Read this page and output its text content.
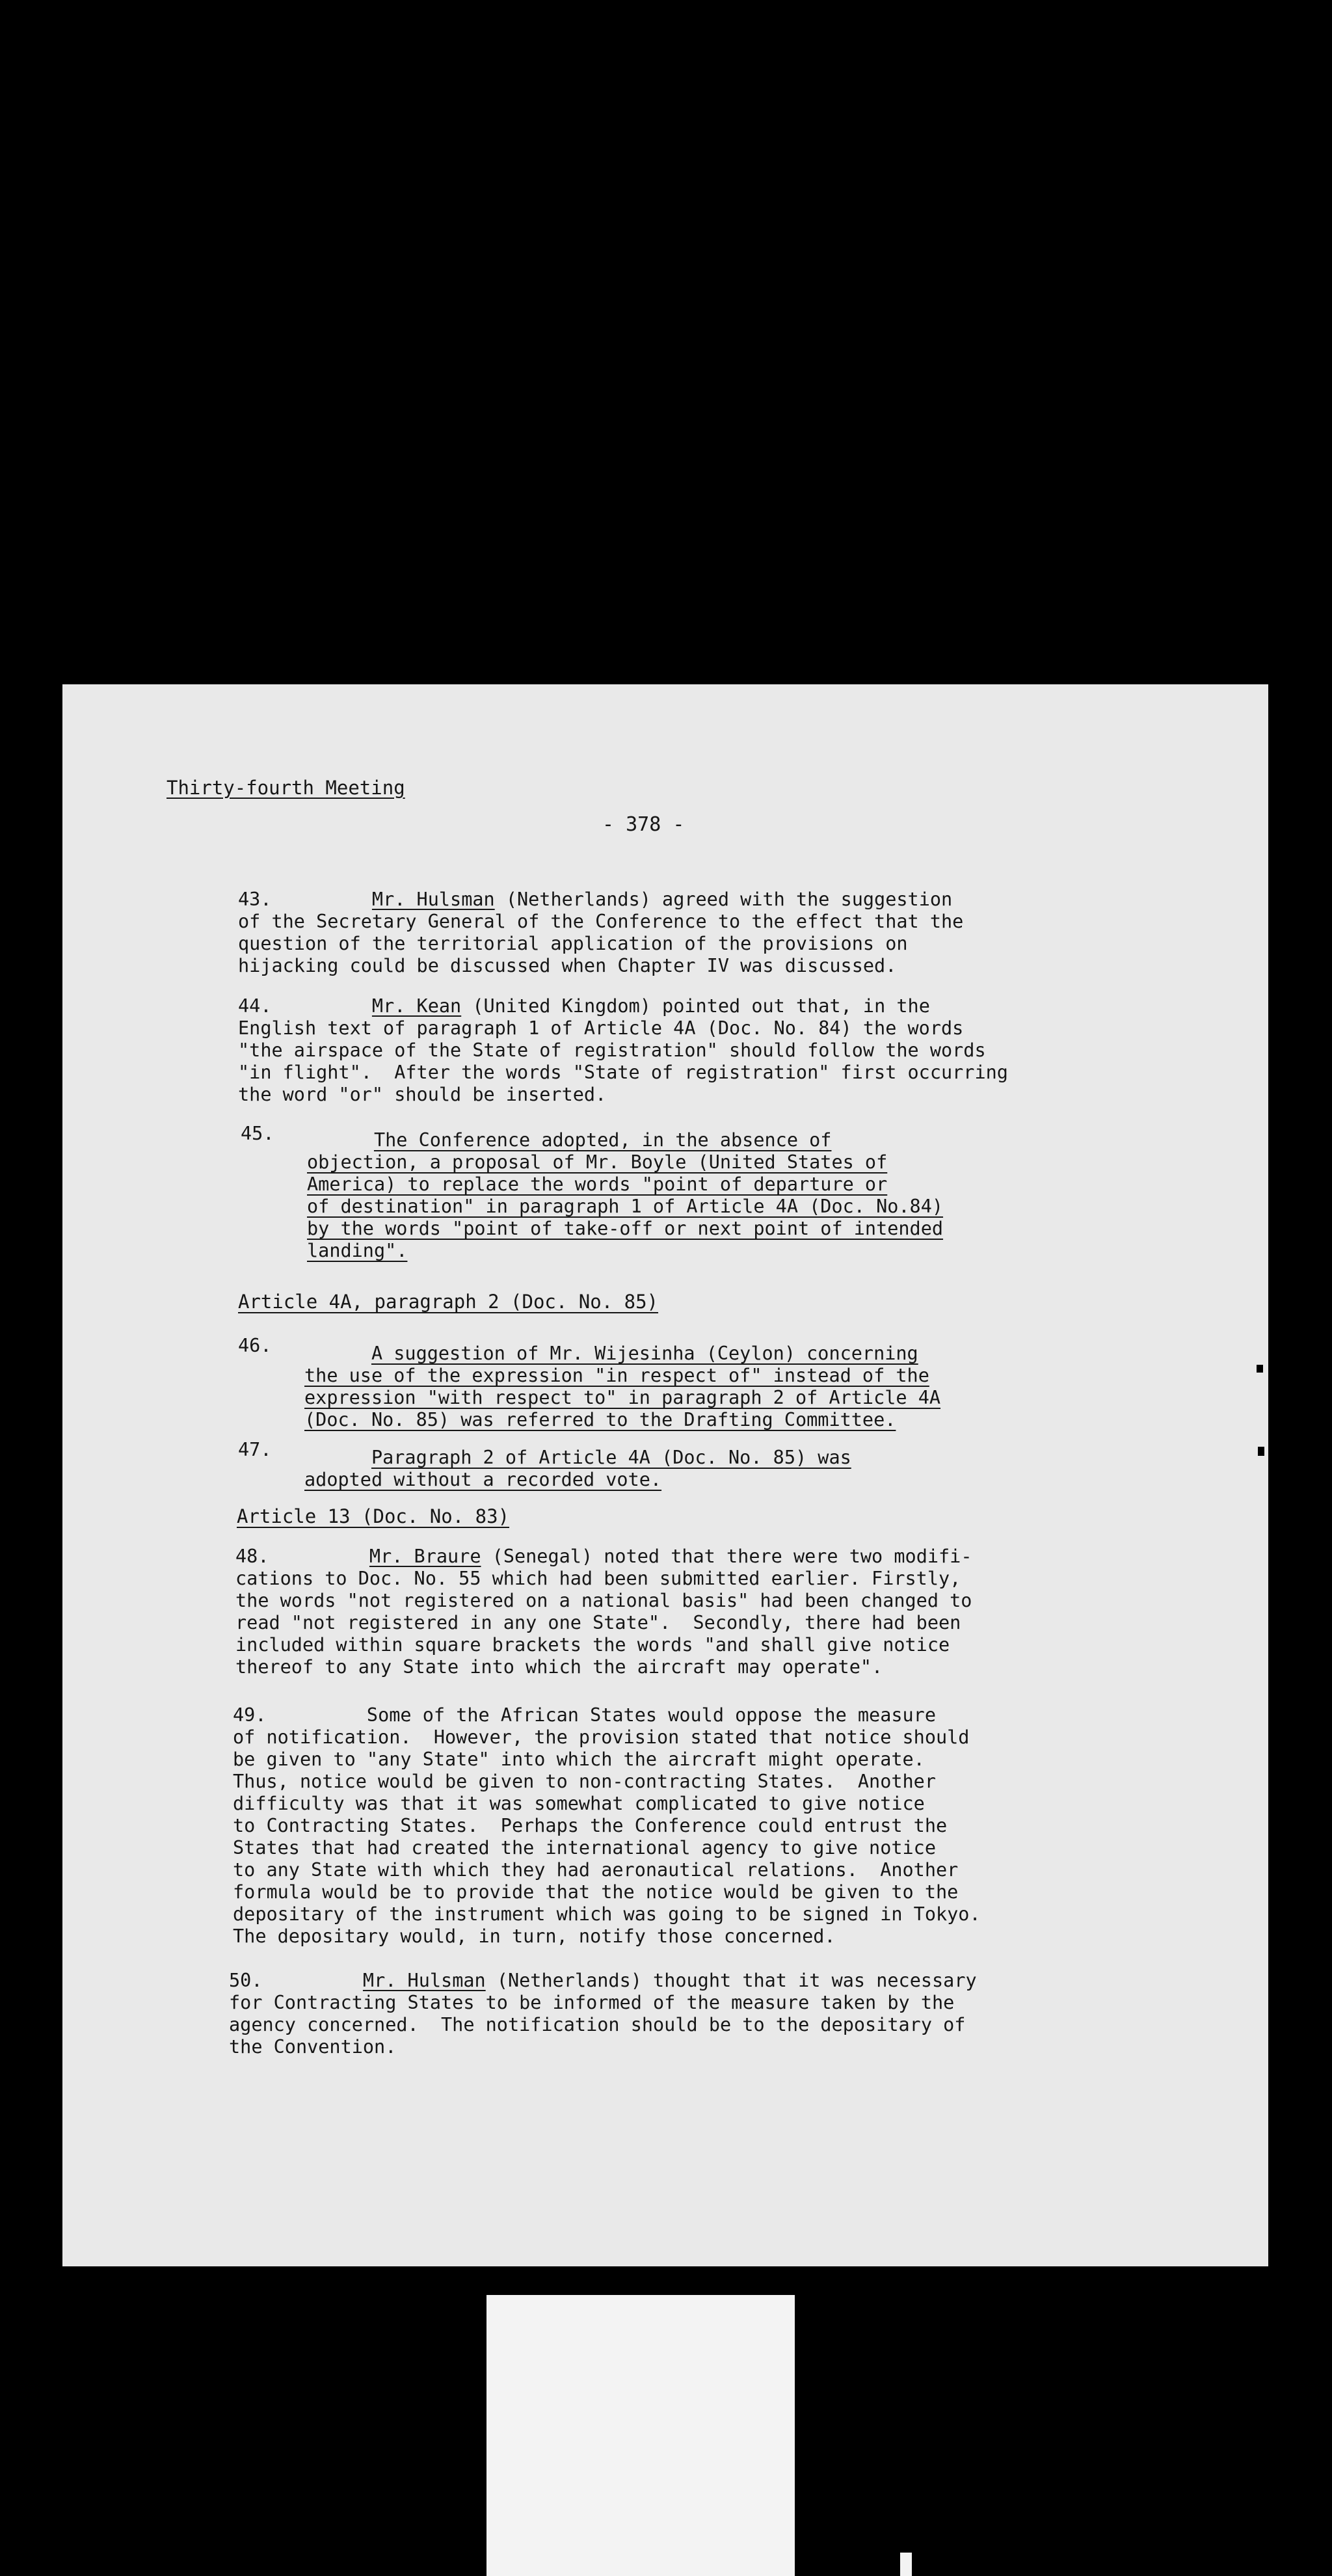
Thirty-fourth Meeting
- 378 -
43.	Mr. Hulsman (Netherlands) agreed with the suggestion
of the Secretary General of the Conference to the effect that the
question of the territorial application of the provisions on
hijacking could be discussed when Chapter IV was discussed.
44.	Mr. Kean (United Kingdom) pointed out that, in the
English text of paragraph 1 of Article 4A (Doc. No. 84) the words
"the airspace of the State of registration" should follow the words
"in flight".  After the words "State of registration" first occurring
the word "or" should be inserted.
45.	The Conference adopted, in the absence of
objection, a proposal of Mr. Boyle (United States of
America) to replace the words "point of departure or
of destination" in paragraph 1 of Article 4A (Doc. No.84)
by the words "point of take-off or next point of intended
landing".
Article 4A, paragraph 2 (Doc. No. 85)
46.	A suggestion of Mr. Wijesinha (Ceylon) concerning
the use of the expression "in respect of" instead of the
expression "with respect to" in paragraph 2 of Article 4A
(Doc. No. 85) was referred to the Drafting Committee.
47.	Paragraph 2 of Article 4A (Doc. No. 85) was
adopted without a recorded vote.
Article 13 (Doc. No. 83)
48.	Mr. Braure (Senegal) noted that there were two modifi-
cations to Doc. No. 55 which had been submitted earlier. Firstly,
the words "not registered on a national basis" had been changed to
read "not registered in any one State".  Secondly, there had been
included within square brackets the words "and shall give notice
thereof to any State into which the aircraft may operate".
49.	Some of the African States would oppose the measure
of notification.  However, the provision stated that notice should
be given to "any State" into which the aircraft might operate.
Thus, notice would be given to non-contracting States.  Another
difficulty was that it was somewhat complicated to give notice
to Contracting States.  Perhaps the Conference could entrust the
States that had created the international agency to give notice
to any State with which they had aeronautical relations.  Another
formula would be to provide that the notice would be given to the
depositary of the instrument which was going to be signed in Tokyo.
The depositary would, in turn, notify those concerned.
50.	Mr. Hulsman (Netherlands) thought that it was necessary
for Contracting States to be informed of the measure taken by the
agency concerned.  The notification should be to the depositary of
the Convention.
